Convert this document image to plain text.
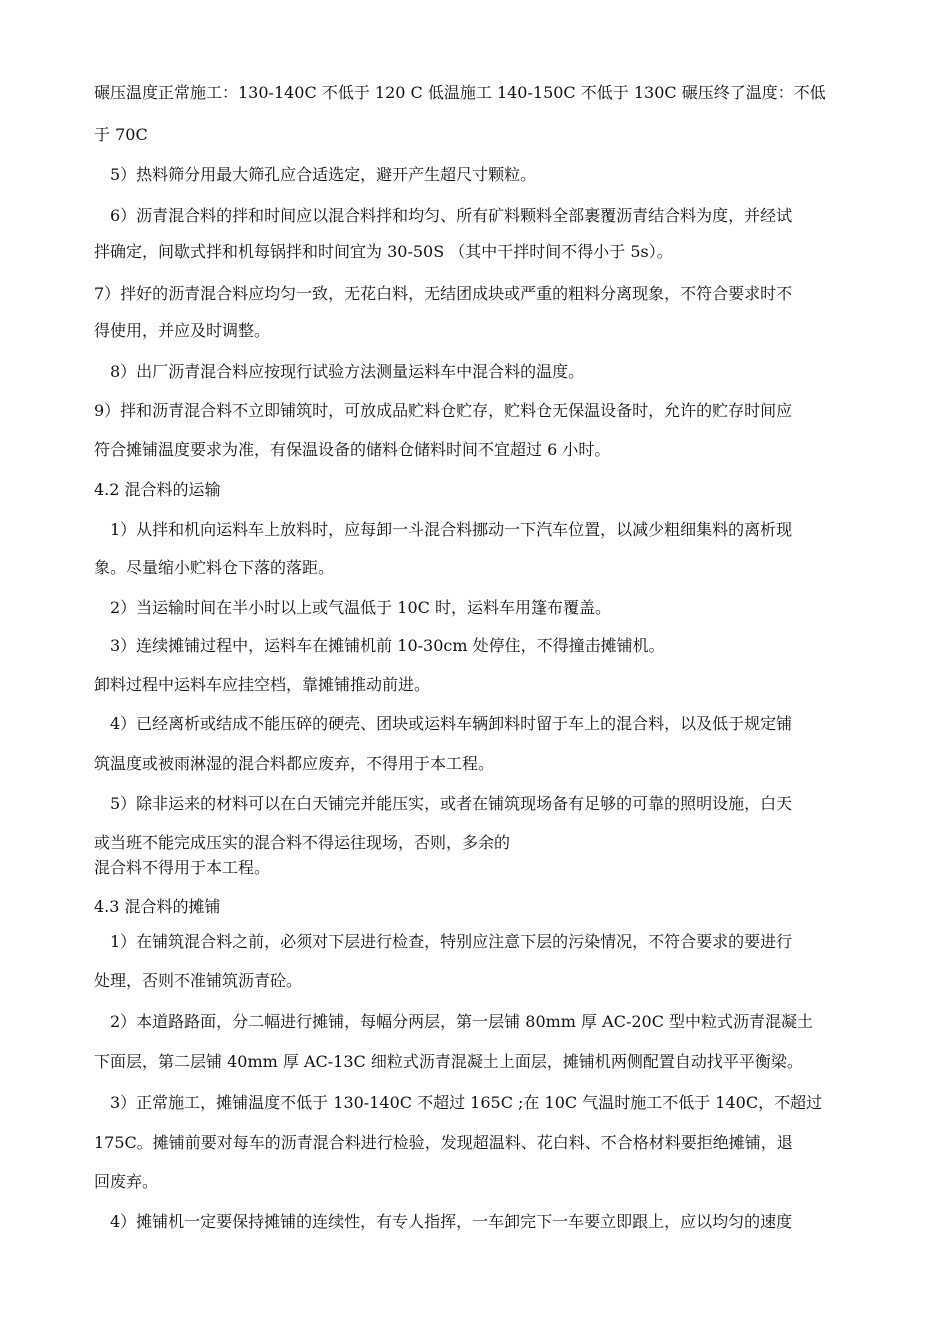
碾压温度正常施工：130-140C 不低于 120 C 低温施工 140-150C 不低于 130C 碾压终了温度：不低
于 70C
5）热料筛分用最大筛孔应合适选定，避开产生超尺寸颗粒。
6）沥青混合料的拌和时间应以混合料拌和均匀、所有矿料颗料全部裹覆沥青结合料为度，并经试
拌确定，间歇式拌和机每锅拌和时间宜为 30-50S （其中干拌时间不得小于 5s）。
7）拌好的沥青混合料应均匀一致，无花白料，无结团成块或严重的粗料分离现象，不符合要求时不
得使用，并应及时调整。
8）出厂沥青混合料应按现行试验方法测量运料车中混合料的温度。
9）拌和沥青混合料不立即铺筑时，可放成品贮料仓贮存，贮料仓无保温设备时，允许的贮存时间应
符合摊铺温度要求为准，有保温设备的储料仓储料时间不宜超过 6 小时。
4.2 混合料的运输
1）从拌和机向运料车上放料时，应每卸一斗混合料挪动一下汽车位置，以减少粗细集料的离析现
象。尽量缩小贮料仓下落的落距。
2）当运输时间在半小时以上或气温低于 10C 时，运料车用篷布覆盖。
3）连续摊铺过程中，运料车在摊铺机前 10-30cm 处停住，不得撞击摊铺机。
卸料过程中运料车应挂空档，靠摊铺推动前进。
4）已经离析或结成不能压碎的硬壳、团块或运料车辆卸料时留于车上的混合料，以及低于规定铺
筑温度或被雨淋湿的混合料都应废弃，不得用于本工程。
5）除非运来的材料可以在白天铺完并能压实，或者在铺筑现场备有足够的可靠的照明设施，白天
或当班不能完成压实的混合料不得运往现场，否则，多余的
混合料不得用于本工程。
4.3 混合料的摊铺
1）在铺筑混合料之前，必须对下层进行检查，特别应注意下层的污染情况，不符合要求的要进行
处理，否则不准铺筑沥青砼。
2）本道路路面，分二幅进行摊铺，每幅分两层，第一层铺 80mm 厚 AC-20C 型中粒式沥青混凝土
下面层，第二层铺 40mm 厚 AC-13C 细粒式沥青混凝土上面层，摊铺机两侧配置自动找平平衡梁。
3）正常施工，摊铺温度不低于 130-140C 不超过 165C ;在 10C 气温时施工不低于 140C，不超过
175C。摊铺前要对每车的沥青混合料进行检验，发现超温料、花白料、不合格材料要拒绝摊铺，退
回废弃。
4）摊铺机一定要保持摊铺的连续性，有专人指挥，一车卸完下一车要立即跟上，应以均匀的速度
